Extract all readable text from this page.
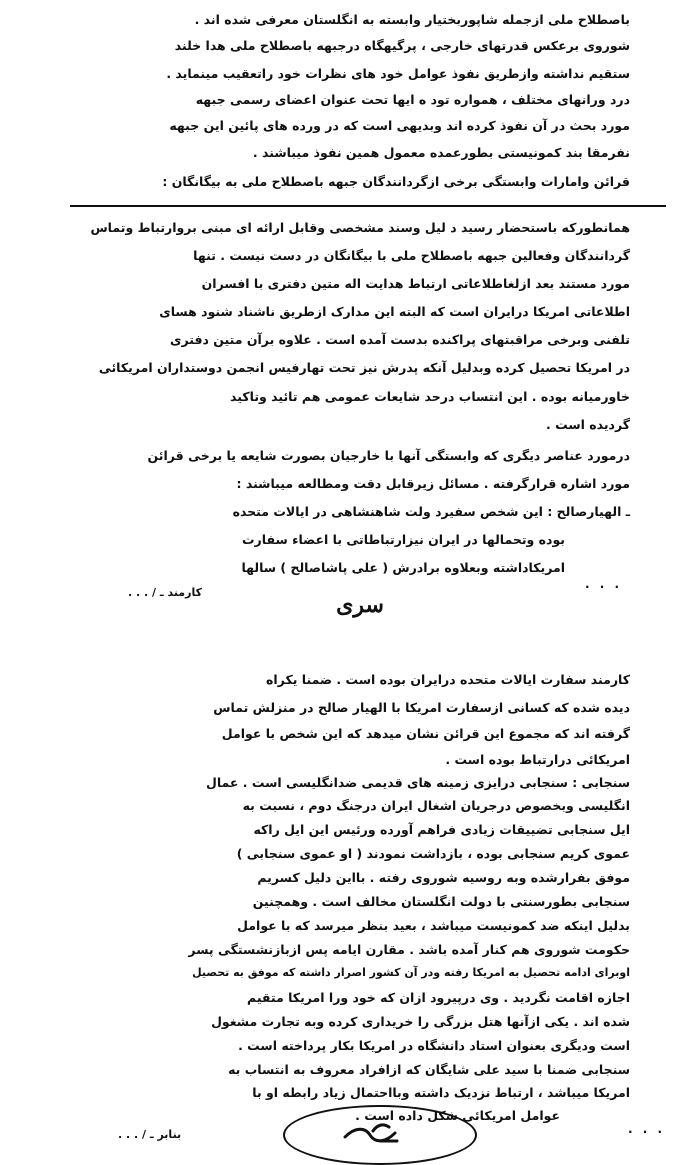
باصطلاح ملی ازجمله شاپوربختیار وابسته به انگلستان معرفی شده اند .
شوروی برعکس قدرتهای خارجی ، پرگیهگاه درجبهه باصطلاح ملی هدا خلند
ستقیم نداشته وازطریق نفوذ عوامل خود های نظرات خود راتعقیب مینماید .
درد ورانهای مختلف ، همواره تود ه ایها تحت عنوان اعضای رسمی جبهه
مورد بحث در آن نفوذ کرده اند وبدیهی است که در ورده های پائین این جبهه
نفرمقا بند کمونیستی بطورعمده معمول همین نفوذ میباشند .
قرائن وامارات وابستگی برخی ازگردانندگان جبهه باصطلاح ملی به بیگانگان :
همانطورکه باستحضار رسید د لیل وسند مشخصی وقابل ارائه ای مبنی بروارتباط وتماس
گردانندگان وفعالین جبهه باصطلاح ملی با بیگانگان در دست نیست . تنها
مورد مستند بعد ازلغاطلاعاتی ارتباط هدایت اله متین دفتری با افسران
اطلاعاتی امریکا درایران است که البته این مدارک ازطریق ناشناد شنود هسای
تلفنی وبرخی مراقبتهای پراکنده بدست آمده است . علاوه برآن متین دفتری
در امریکا تحصیل کرده وبدلیل آنکه پدرش نیز تحت تهارفیس انجمن دوستداران امریکائی
خاورمیانه بوده . این انتساب درحد شایعات عمومی هم تائید وتاکید
گردیده است .
درمورد عناصر دیگری که وابستگی آنها با خارجیان بصورت شایعه یا برخی قرائن
مورد اشاره قرارگرفته . مسائل زیرقابل دقت ومطالعه میباشند :
ـ الهیارصالح : این شخص سفیرد ولت شاهنشاهی در ایالات متحده
بوده وتحمالها در ایران نیزارتباطاتی با اعضاء سفارت
امریکاداشته وبعلاوه برادرش ( علی پاشاصالح ) سالها
کارمند ـ / . . .
. . .
سری
کارمند سفارت ایالات متحده درایران بوده است . ضمنا یکراه
دیده شده که کسانی ازسفارت امریکا با الهیار صالح در منزلش تماس
گرفته اند که مجموع این قرائن نشان میدهد که این شخص با عوامل
امریکائی درارتباط بوده است .
سنجابی : سنجابی درایزی زمینه های قدیمی ضدانگلیسی است . عمال
انگلیسی وبخصوص درجریان اشغال ایران درجنگ دوم ، نسبت به
ایل سنجابی تضییقات زیادی فراهم آورده ورئیس این ایل راکه
عموی کریم سنجابی بوده ، بازداشت نمودند ( او عموی سنجابی )
موفق بفرارشده وبه روسیه شوروی رفته . بااین دلیل کسریم
سنجابی بطورسنتی با دولت انگلستان مخالف است . وهمچنین
بدلیل اینکه ضد کمونیست میباشد ، بعید بنظر میرسد که با عوامل
حکومت شوروی هم کنار آمده باشد . مقارن ایامه پس ازبازنشستگی پسر
اوبرای ادامه تحصیل به امریکا رفته ودر آن کشور اصرار داشته که موفق به تحصیل
اجازه اقامت نگردید . وی درپیرود ازان که خود ورا امریکا متقیم
شده اند . یکی ازآنها هتل بزرگی را خریداری کرده وبه تجارت مشغول
است ودیگری بعنوان استاد دانشگاه در امریکا بکار پرداخته است .
سنجابی ضمنا با سید علی شایگان که ازافراد معروف به انتساب به
امریکا میباشد ، ارتباط نزدیک داشته وبااحتمال زیاد رابطه او با
عوامل امریکائی شکل داده است .
بنابر ـ / . . .	. . .
